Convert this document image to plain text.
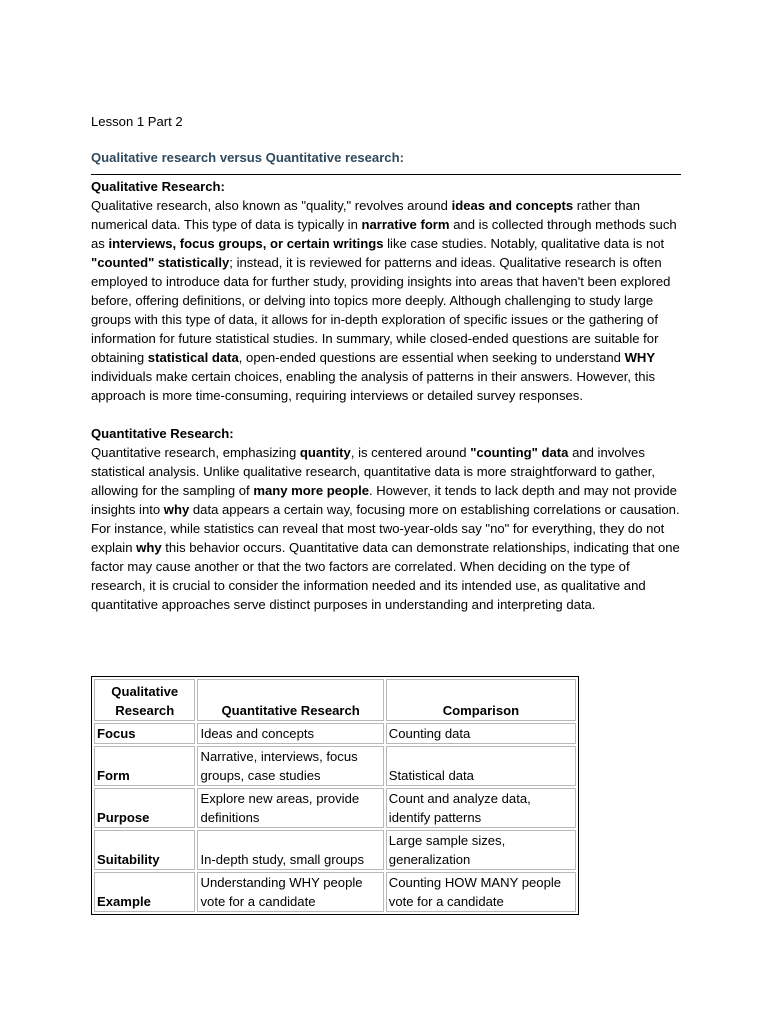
Lesson 1 Part 2

Qualitative research versus Quantitative research:

Qualitative Research:

Qualitative research, also known as "quality," revolves around ideas and concepts rather than numerical data. This type of data is typically in narrative form and is collected through methods such as interviews, focus groups, or certain writings like case studies. Notably, qualitative data is not "counted" statistically; instead, it is reviewed for patterns and ideas. Qualitative research is often employed to introduce data for further study, providing insights into areas that haven't been explored before, offering definitions, or delving into topics more deeply. Although challenging to study large groups with this type of data, it allows for in-depth exploration of specific issues or the gathering of information for future statistical studies. In summary, while closed-ended questions are suitable for obtaining statistical data, open-ended questions are essential when seeking to understand WHY individuals make certain choices, enabling the analysis of patterns in their answers. However, this approach is more time-consuming, requiring interviews or detailed survey responses.

Quantitative Research:

Quantitative research, emphasizing quantity, is centered around "counting" data and involves statistical analysis. Unlike qualitative research, quantitative data is more straightforward to gather, allowing for the sampling of many more people. However, it tends to lack depth and may not provide insights into why data appears a certain way, focusing more on establishing correlations or causation. For instance, while statistics can reveal that most two-year-olds say "no" for everything, they do not explain why this behavior occurs. Quantitative data can demonstrate relationships, indicating that one factor may cause another or that the two factors are correlated. When deciding on the type of research, it is crucial to consider the information needed and its intended use, as qualitative and quantitative approaches serve distinct purposes in understanding and interpreting data.

Qualitative Research	Quantitative Research	Comparison
Focus	Ideas and concepts	Counting data
Form	Narrative, interviews, focus groups, case studies	Statistical data
Purpose	Explore new areas, provide definitions	Count and analyze data, identify patterns
Suitability	In-depth study, small groups	Large sample sizes, generalization
Example	Understanding WHY people vote for a candidate	Counting HOW MANY people vote for a candidate
